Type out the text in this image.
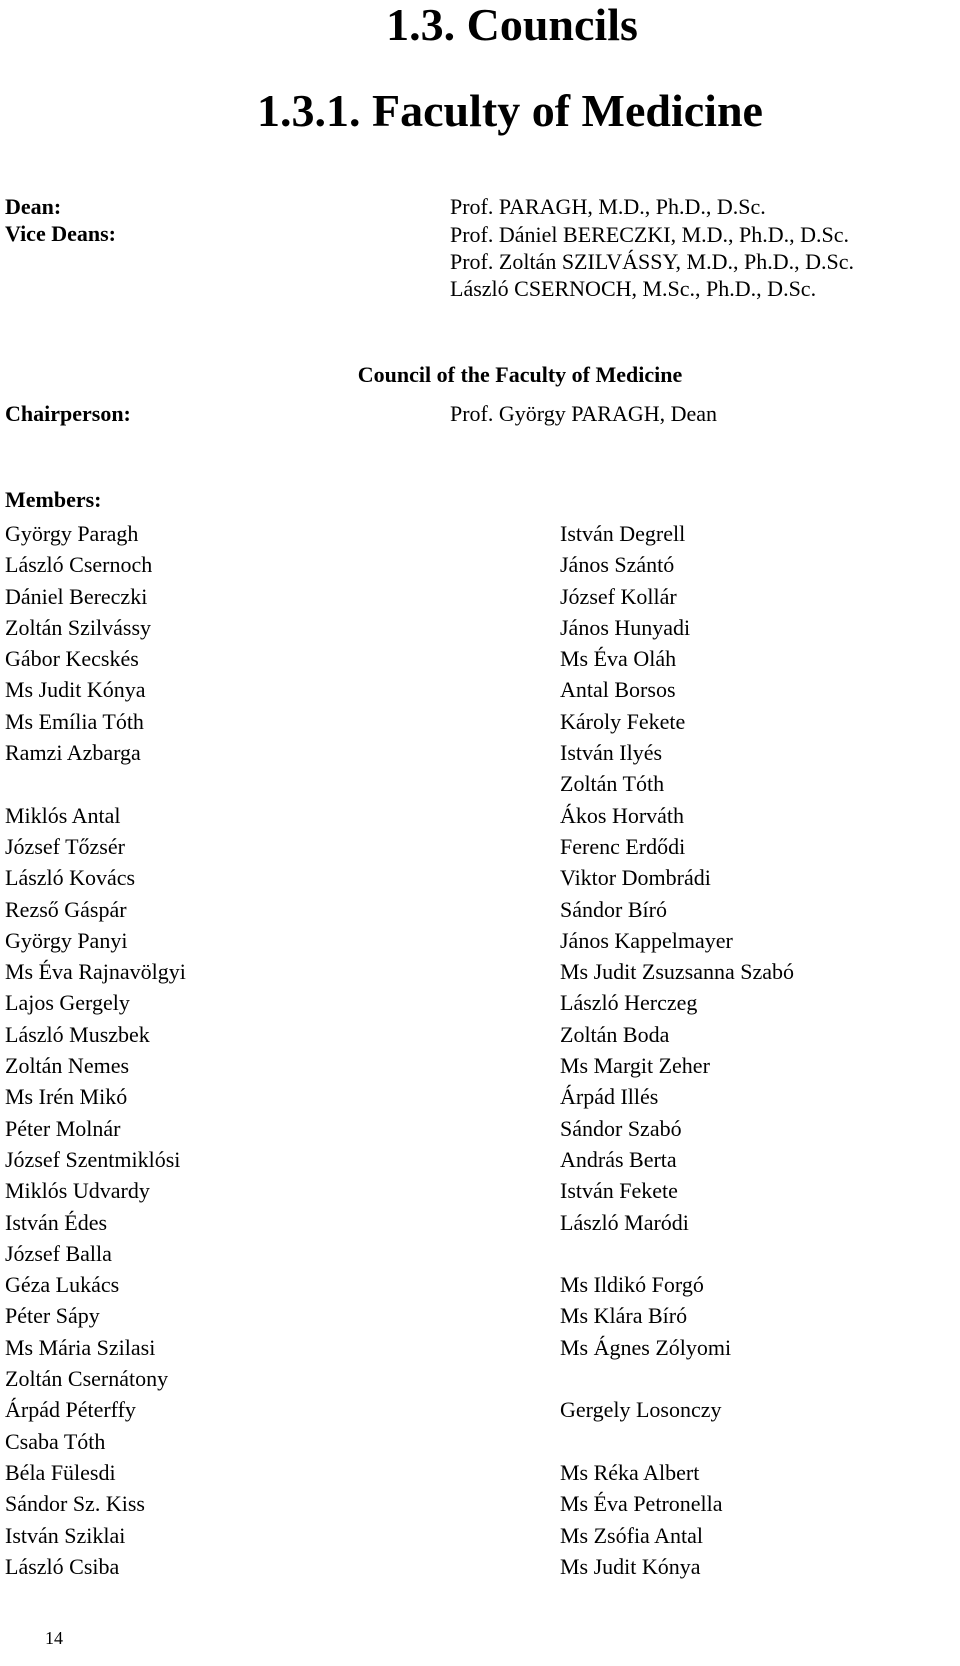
1.3. Councils
1.3.1. Faculty of Medicine
Dean:
Vice Deans:
Prof. PARAGH, M.D., Ph.D., D.Sc.
Prof. Dániel BERECZKI, M.D., Ph.D., D.Sc.
Prof. Zoltán SZILVÁSSY, M.D., Ph.D., D.Sc.
László CSERNOCH, M.Sc., Ph.D., D.Sc.
Council of the Faculty of Medicine
Chairperson:	Prof. György PARAGH, Dean
Members:
György Paragh
László Csernoch
Dániel Bereczki
Zoltán Szilvássy
Gábor Kecskés
Ms Judit Kónya
Ms Emília Tóth
Ramzi Azbarga
Miklós Antal
József Tőzsér
László Kovács
Rezső Gáspár
György Panyi
Ms Éva Rajnavölgyi
Lajos Gergely
László Muszbek
Zoltán Nemes
Ms Irén Mikó
Péter Molnár
József Szentmiklósi
Miklós Udvardy
István Édes
József Balla
Géza Lukács
Péter Sápy
Ms Mária Szilasi
Zoltán Csernátony
Árpád Péterffy
Csaba Tóth
Béla Fülesdi
Sándor Sz. Kiss
István Sziklai
László Csiba
István Degrell
János Szántó
József Kollár
János Hunyadi
Ms Éva Oláh
Antal Borsos
Károly Fekete
István Ilyés
Zoltán Tóth
Ákos Horváth
Ferenc Erdődi
Viktor Dombrádi
Sándor Bíró
János Kappelmayer
Ms Judit Zsuzsanna Szabó
László Herczeg
Zoltán Boda
Ms Margit Zeher
Árpád Illés
Sándor Szabó
András Berta
István Fekete
László Maródi
Ms Ildikó Forgó
Ms Klára Bíró
Ms Ágnes Zólyomi
Gergely Losonczy
Ms Réka Albert
Ms Éva Petronella
Ms Zsófia Antal
Ms Judit Kónya
14
